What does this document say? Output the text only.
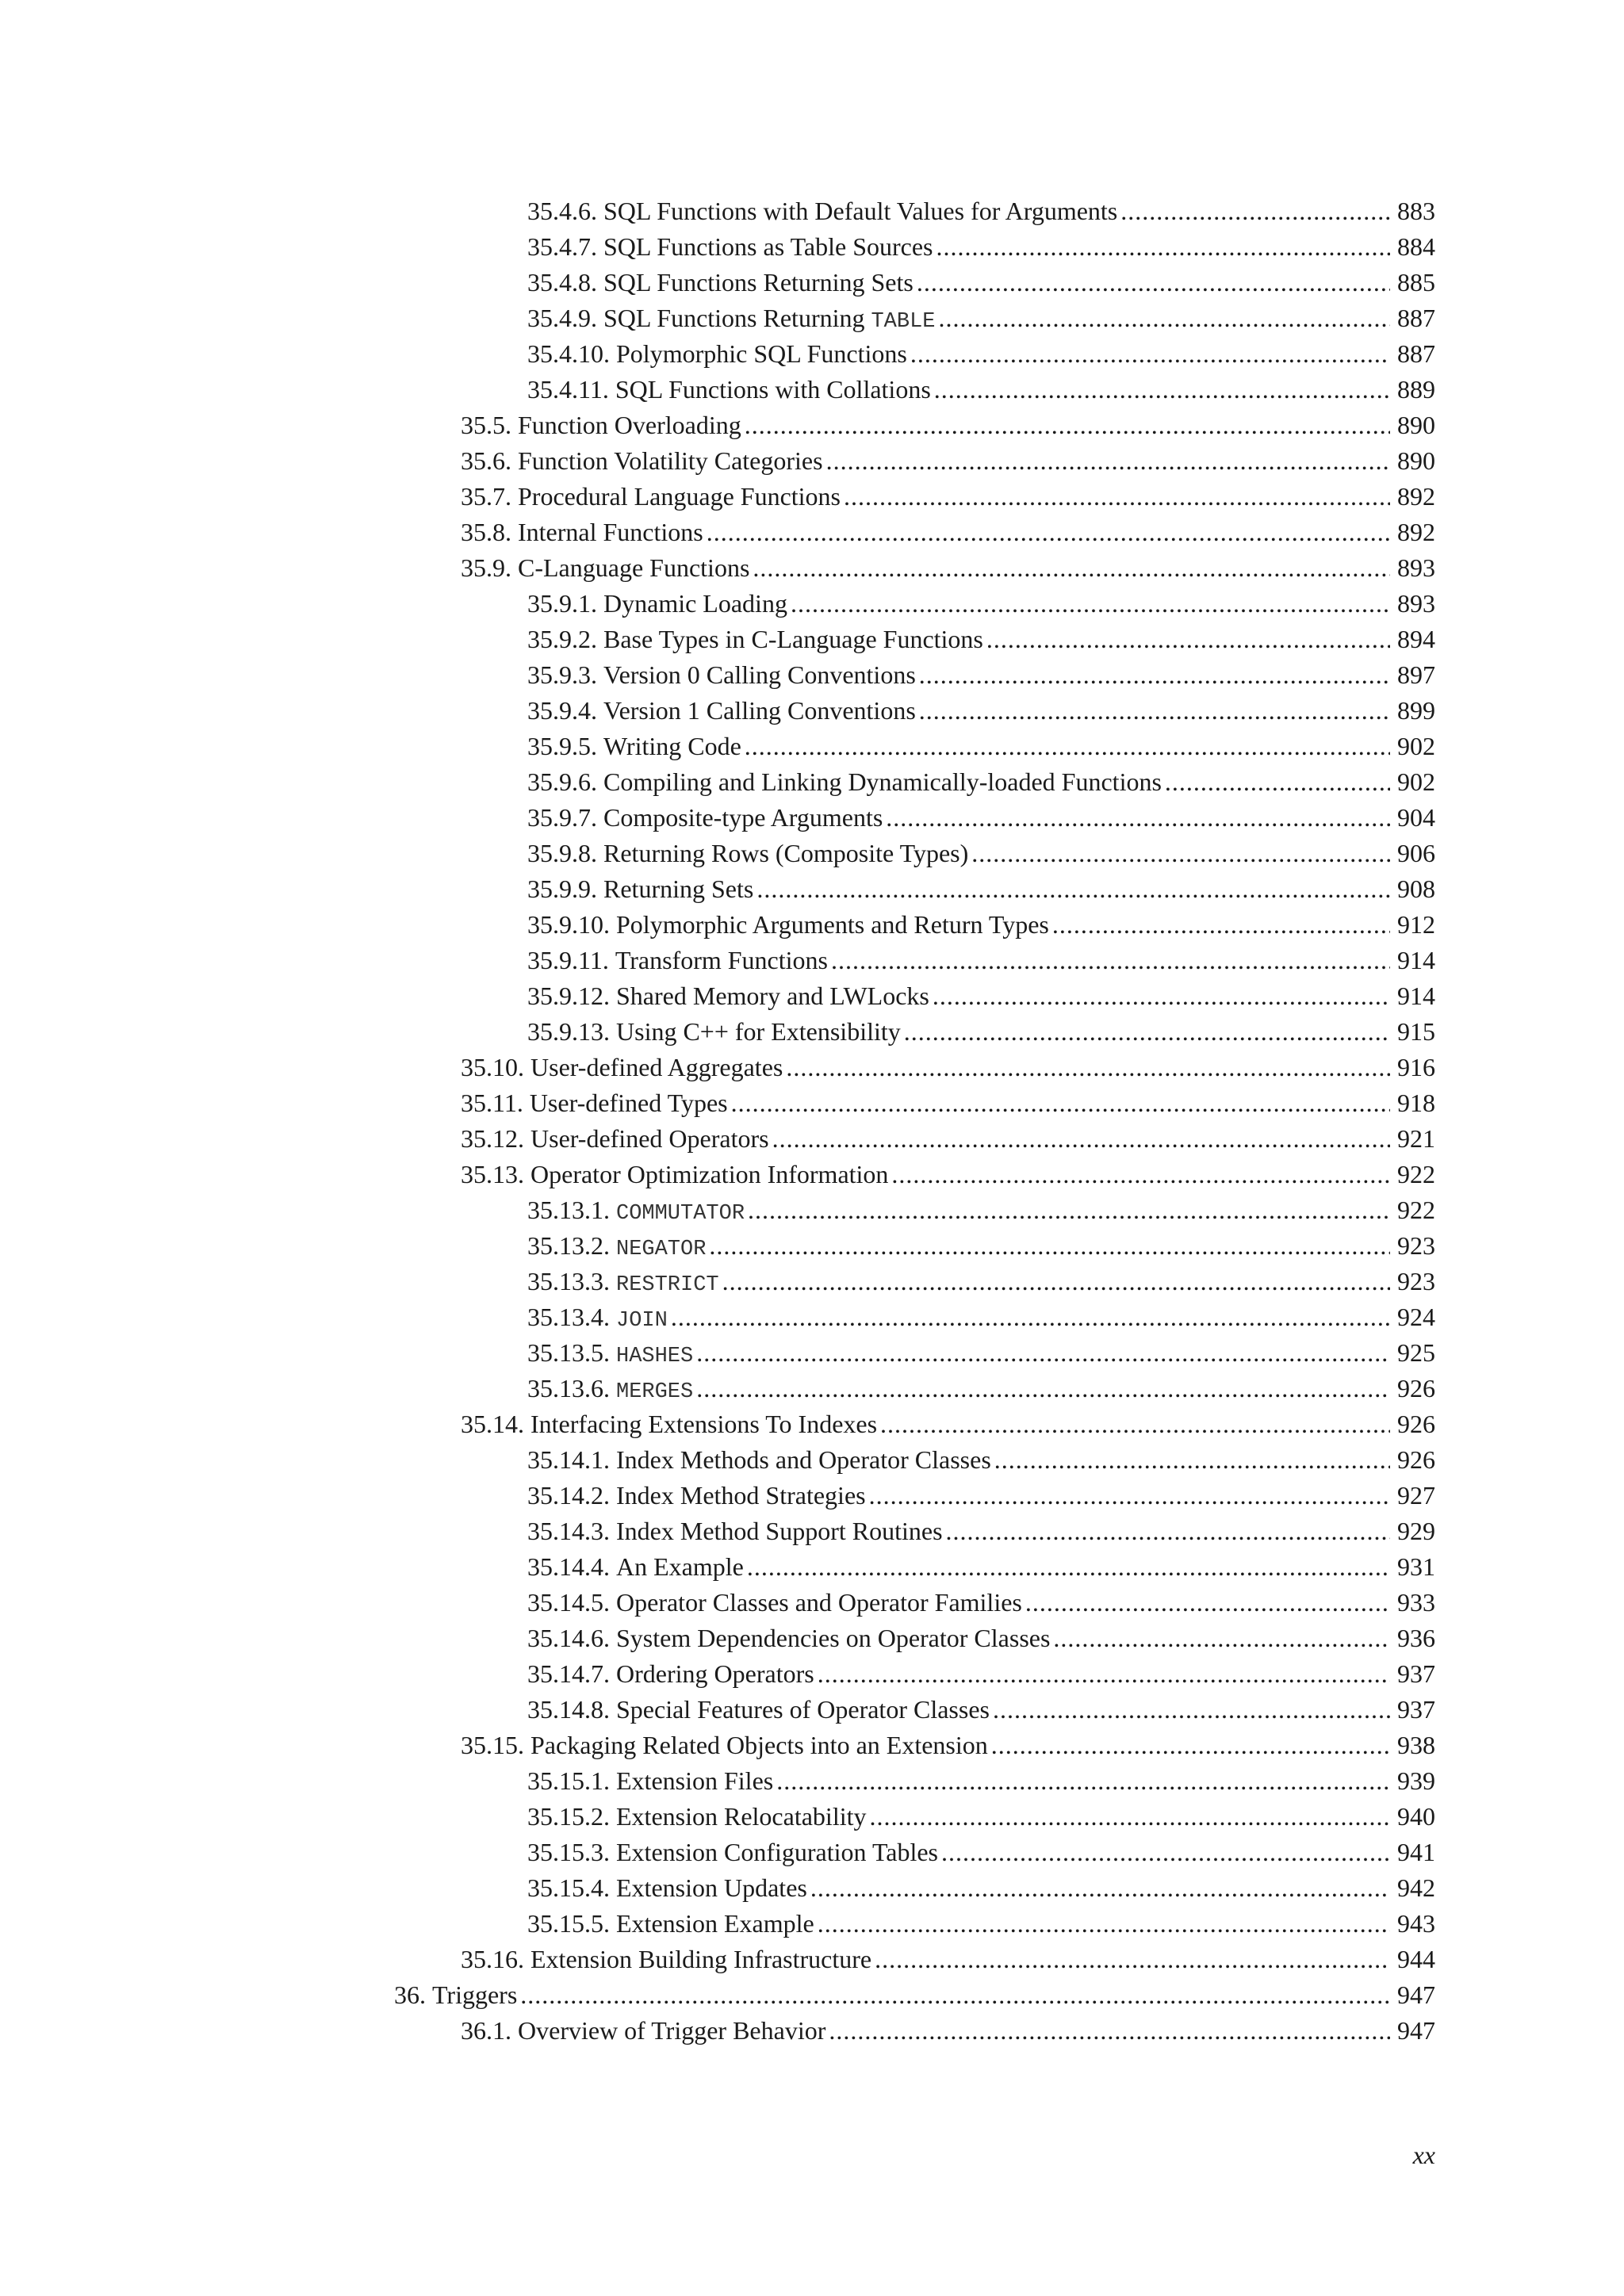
35.4.6. SQL Functions with Default Values for Arguments .....	883
35.4.7. SQL Functions as Table Sources .....	884
35.4.8. SQL Functions Returning Sets .....	885
35.4.9. SQL Functions Returning TABLE .....	887
35.4.10. Polymorphic SQL Functions .....	887
35.4.11. SQL Functions with Collations .....	889
35.5. Function Overloading .....	890
35.6. Function Volatility Categories .....	890
35.7. Procedural Language Functions .....	892
35.8. Internal Functions .....	892
35.9. C-Language Functions .....	893
35.9.1. Dynamic Loading .....	893
35.9.2. Base Types in C-Language Functions .....	894
35.9.3. Version 0 Calling Conventions .....	897
35.9.4. Version 1 Calling Conventions .....	899
35.9.5. Writing Code .....	902
35.9.6. Compiling and Linking Dynamically-loaded Functions .....	902
35.9.7. Composite-type Arguments .....	904
35.9.8. Returning Rows (Composite Types) .....	906
35.9.9. Returning Sets .....	908
35.9.10. Polymorphic Arguments and Return Types .....	912
35.9.11. Transform Functions .....	914
35.9.12. Shared Memory and LWLocks .....	914
35.9.13. Using C++ for Extensibility .....	915
35.10. User-defined Aggregates .....	916
35.11. User-defined Types .....	918
35.12. User-defined Operators .....	921
35.13. Operator Optimization Information .....	922
35.13.1. COMMUTATOR .....	922
35.13.2. NEGATOR .....	923
35.13.3. RESTRICT .....	923
35.13.4. JOIN .....	924
35.13.5. HASHES .....	925
35.13.6. MERGES .....	926
35.14. Interfacing Extensions To Indexes .....	926
35.14.1. Index Methods and Operator Classes .....	926
35.14.2. Index Method Strategies .....	927
35.14.3. Index Method Support Routines .....	929
35.14.4. An Example .....	931
35.14.5. Operator Classes and Operator Families .....	933
35.14.6. System Dependencies on Operator Classes .....	936
35.14.7. Ordering Operators .....	937
35.14.8. Special Features of Operator Classes .....	937
35.15. Packaging Related Objects into an Extension .....	938
35.15.1. Extension Files .....	939
35.15.2. Extension Relocatability .....	940
35.15.3. Extension Configuration Tables .....	941
35.15.4. Extension Updates .....	942
35.15.5. Extension Example .....	943
35.16. Extension Building Infrastructure .....	944
36. Triggers .....	947
36.1. Overview of Trigger Behavior .....	947
xx
